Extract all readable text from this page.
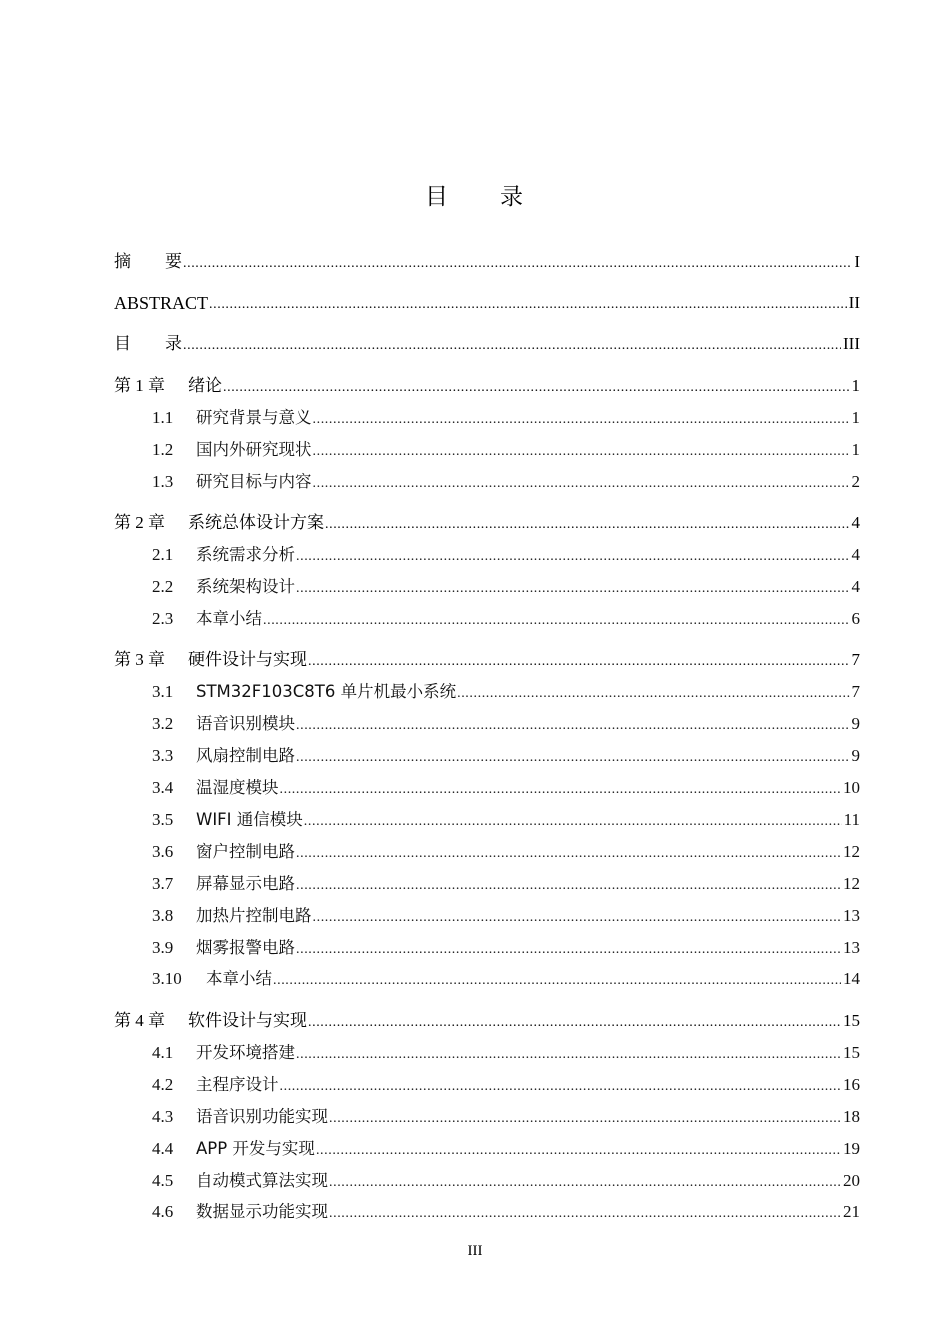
目　　录
摘　　要 .....	I
ABSTRACT .....	II
目　　录 .....	III
第 1 章	绪论 .....	1
1.1	研究背景与意义 .....	1
1.2	国内外研究现状 .....	1
1.3	研究目标与内容 .....	2
第 2 章	系统总体设计方案 .....	4
2.1	系统需求分析 .....	4
2.2	系统架构设计 .....	4
2.3	本章小结 .....	6
第 3 章	硬件设计与实现 .....	7
3.1	STM32F103C8T6 单片机最小系统 .....	7
3.2	语音识别模块 .....	9
3.3	风扇控制电路 .....	9
3.4	温湿度模块 .....	10
3.5	WIFI 通信模块 .....	11
3.6	窗户控制电路 .....	12
3.7	屏幕显示电路 .....	12
3.8	加热片控制电路 .....	13
3.9	烟雾报警电路 .....	13
3.10	本章小结 .....	14
第 4 章	软件设计与实现 .....	15
4.1	开发环境搭建 .....	15
4.2	主程序设计 .....	16
4.3	语音识别功能实现 .....	18
4.4	APP 开发与实现 .....	19
4.5	自动模式算法实现 .....	20
4.6	数据显示功能实现 .....	21
III
